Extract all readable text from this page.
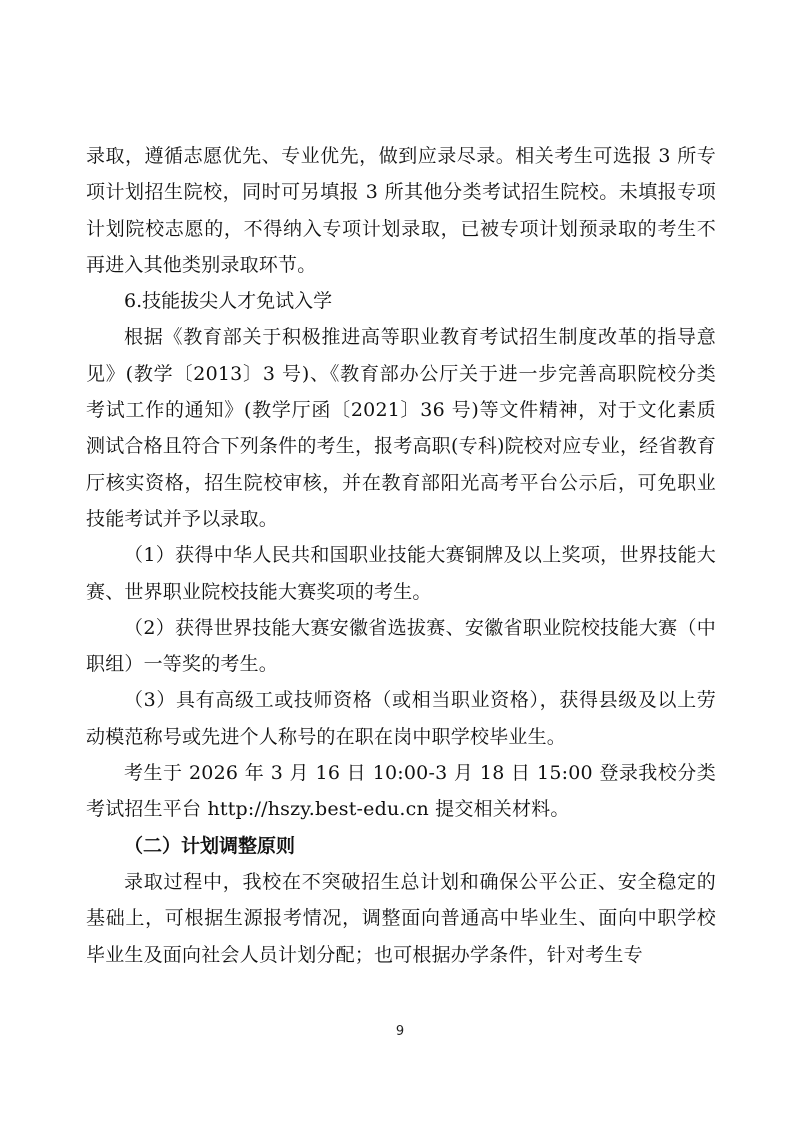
录取，遵循志愿优先、专业优先，做到应录尽录。相关考生可选报 3 所专项计划招生院校，同时可另填报 3 所其他分类考试招生院校。未填报专项计划院校志愿的，不得纳入专项计划录取，已被专项计划预录取的考生不再进入其他类别录取环节。

6.技能拔尖人才免试入学

根据《教育部关于积极推进高等职业教育考试招生制度改革的指导意见》(教学〔2013〕3 号)、《教育部办公厅关于进一步完善高职院校分类考试工作的通知》(教学厅函〔2021〕36 号)等文件精神，对于文化素质测试合格且符合下列条件的考生，报考高职(专科)院校对应专业，经省教育厅核实资格，招生院校审核，并在教育部阳光高考平台公示后，可免职业技能考试并予以录取。

（1）获得中华人民共和国职业技能大赛铜牌及以上奖项，世界技能大赛、世界职业院校技能大赛奖项的考生。

（2）获得世界技能大赛安徽省选拔赛、安徽省职业院校技能大赛（中职组）一等奖的考生。

（3）具有高级工或技师资格（或相当职业资格），获得县级及以上劳动模范称号或先进个人称号的在职在岗中职学校毕业生。

考生于 2026 年 3 月 16 日 10:00-3 月 18 日 15:00 登录我校分类考试招生平台 http://hszy.best-edu.cn 提交相关材料。

（二）计划调整原则

录取过程中，我校在不突破招生总计划和确保公平公正、安全稳定的基础上，可根据生源报考情况，调整面向普通高中毕业生、面向中职学校毕业生及面向社会人员计划分配；也可根据办学条件，针对考生专

9
